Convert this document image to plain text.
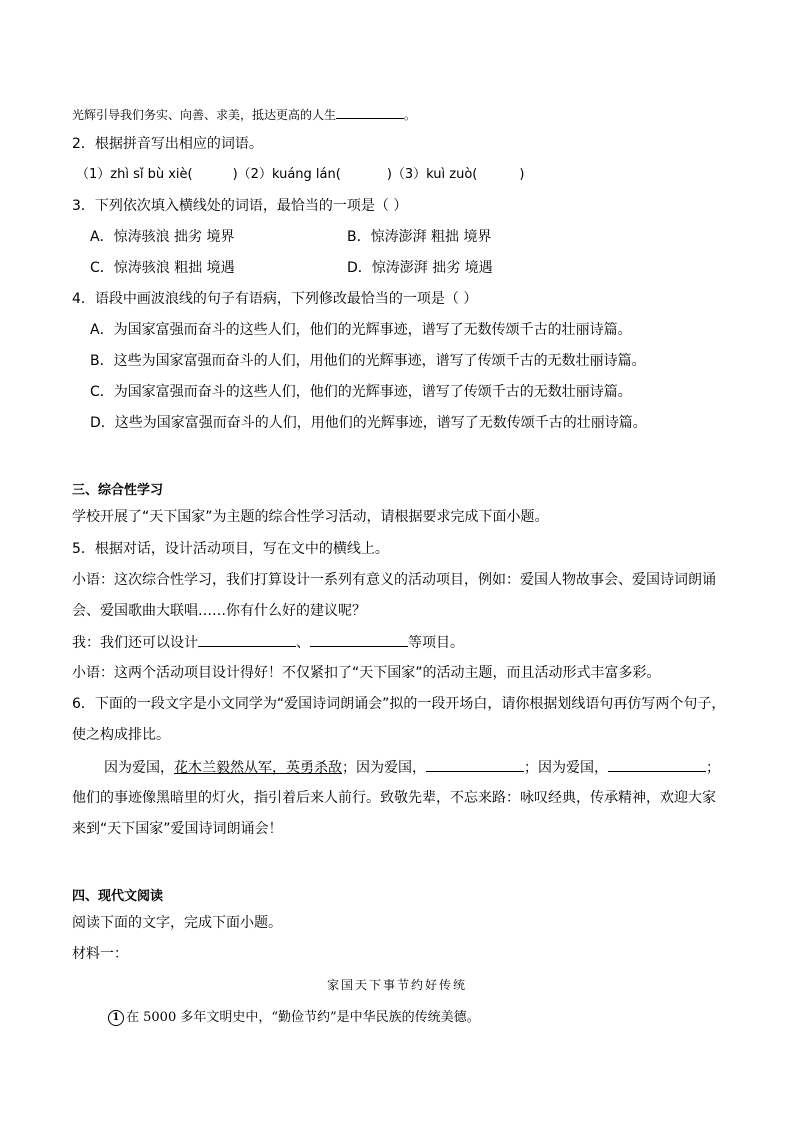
光辉引导我们务实、向善、求美，抵达更高的人生	。
2．根据拼音写出相应的词语。
（1）zhì sǐ bù xiè(	)（2）kuáng lán(	)（3）kuì zuò(	)
3．下列依次填入横线处的词语，最恰当的一项是（ ）
A．惊涛骇浪 拙劣 境界	B．惊涛澎湃 粗拙 境界
C．惊涛骇浪 粗拙 境遇	D．惊涛澎湃 拙劣 境遇
4．语段中画波浪线的句子有语病，下列修改最恰当的一项是（ ）
A．为国家富强而奋斗的这些人们，他们的光辉事迹，谱写了无数传颂千古的壮丽诗篇。
B．这些为国家富强而奋斗的人们，用他们的光辉事迹，谱写了传颂千古的无数壮丽诗篇。
C．为国家富强而奋斗的这些人们，他们的光辉事迹，谱写了传颂千古的无数壮丽诗篇。
D．这些为国家富强而奋斗的人们，用他们的光辉事迹，谱写了无数传颂千古的壮丽诗篇。
三、综合性学习
学校开展了“天下国家”为主题的综合性学习活动，请根据要求完成下面小题。
5．根据对话，设计活动项目，写在文中的横线上。
小语：这次综合性学习，我们打算设计一系列有意义的活动项目，例如：爱国人物故事会、爱国诗词朗诵
会、爱国歌曲大联唱……你有什么好的建议呢？
我：我们还可以设计	、	等项目。
小语：这两个活动项目设计得好！不仅紧扣了“天下国家”的活动主题，而且活动形式丰富多彩。
6．下面的一段文字是小文同学为“爱国诗词朗诵会”拟的一段开场白，请你根据划线语句再仿写两个句子，
使之构成排比。
因为爱国，花木兰毅然从军，英勇杀敌；因为爱国，	；因为爱国，	；
他们的事迹像黑暗里的灯火，指引着后来人前行。致敬先辈，不忘来路：咏叹经典，传承精神，欢迎大家
来到“天下国家”爱国诗词朗诵会！
四、现代文阅读
阅读下面的文字，完成下面小题。
材料一：
家国天下事节约好传统
1 在 5000 多年文明史中，“勤俭节约”是中华民族的传统美德。
